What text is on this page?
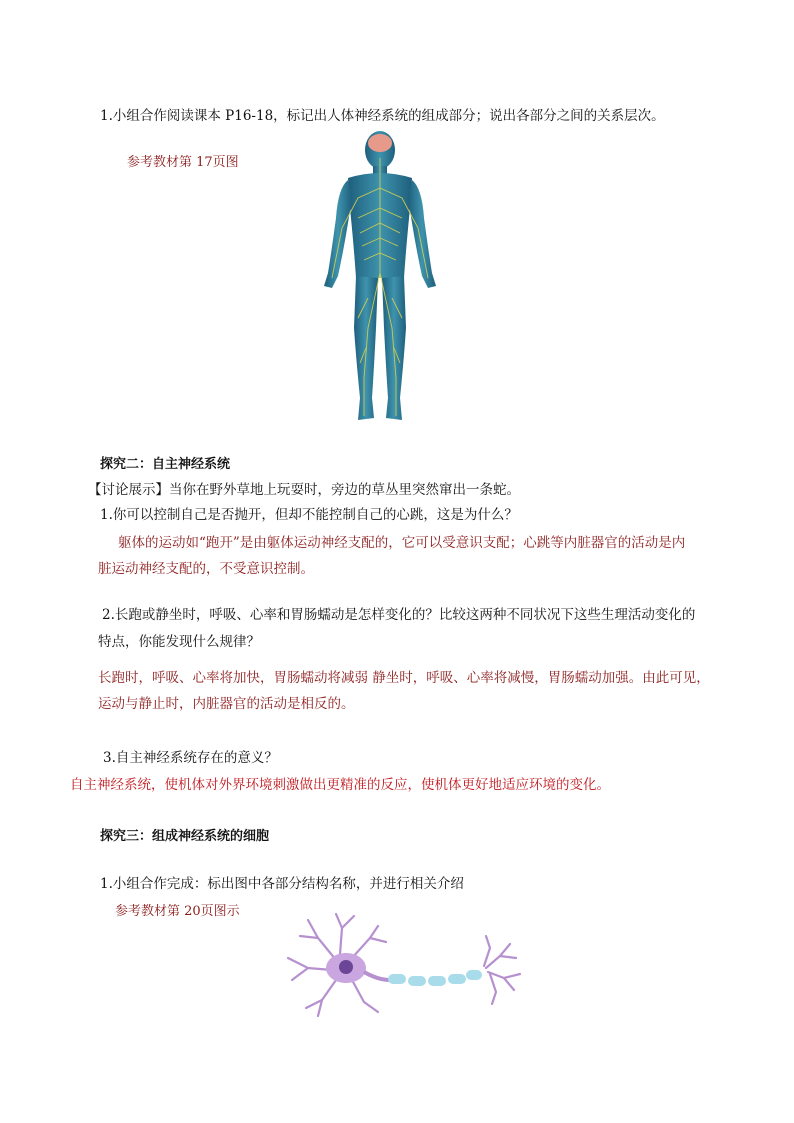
1.小组合作阅读课本 P16-18，标记出人体神经系统的组成部分；说出各部分之间的关系层次。
参考教材第 17页图
探究二：自主神经系统
【讨论展示】当你在野外草地上玩耍时，旁边的草丛里突然窜出一条蛇。
1.你可以控制自己是否抛开，但却不能控制自己的心跳，这是为什么？
躯体的运动如“跑开”是由躯体运动神经支配的，它可以受意识支配；心跳等内脏器官的活动是内
脏运动神经支配的，不受意识控制。
2.长跑或静坐时，呼吸、心率和胃肠蠕动是怎样变化的？比较这两种不同状况下这些生理活动变化的
特点，你能发现什么规律？
长跑时，呼吸、心率将加快，胃肠蠕动将减弱 静坐时，呼吸、心率将减慢，胃肠蠕动加强。由此可见，
运动与静止时，内脏器官的活动是相反的。
3.自主神经系统存在的意义？
自主神经系统，使机体对外界环境刺激做出更精准的反应，使机体更好地适应环境的变化。
探究三：组成神经系统的细胞
1.小组合作完成：标出图中各部分结构名称，并进行相关介绍
参考教材第 20页图示
